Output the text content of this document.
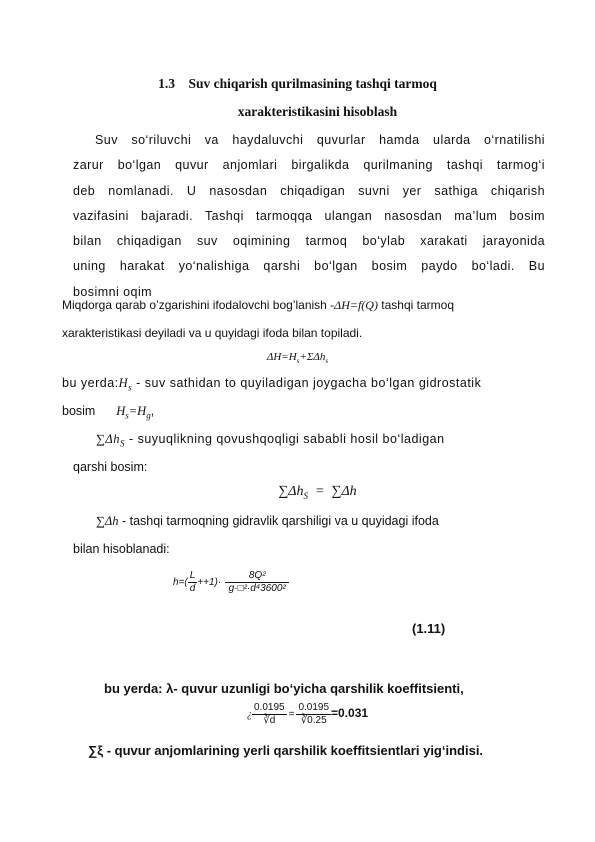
1.3 Suv chiqarish qurilmasining tashqi tarmoq
xarakteristikasini hisoblash
Suv so‘riluvchi va haydaluvchi quvurlar hamda ularda o‘rnatilishi
zarur bo‘lgan quvur anjomlari birgalikda qurilmaning tashqi tarmog‘i
deb nomlanadi. U nasosdan chiqadigan suvni yer sathiga chiqarish
vazifasini bajaradi. Tashqi tarmoqqa ulangan nasosdan ma’lum bosim
bilan chiqadigan suv oqimining tarmoq bo‘ylab xarakati jarayonida
uning harakat yo‘nalishiga qarshi bo‘lgan bosim paydo bo‘ladi. Bu
bosimni oqim
Miqdorga qarab o’zgarishini ifodalovchi bog’lanish -ΔH=f(Q) tashqi tarmoq
xarakteristikasi deyiladi va u quyidagi ifoda bilan topiladi.
$\Delta H=H_s+\Sigma\Delta h_s$
bu $yerda:H_s$ - suv sathidan to quyiladigan joygacha bo‘lgan gidrostatik
bosim $H_s=H_g$,
$\sum\Delta h_S$ - suyuqlikning qovushqoqligi sababli hosil bo‘ladigan
qarshi bosim:
$\sum\Delta h_S = \sum\Delta h$
∑Δh - tashqi tarmoqning gidravlik qarshiligi va u quyidagi ifoda
bilan hisoblanadi:
$h=( \frac{L}{d} ++1)\cdot \frac{\text{8Q²}}{\text{g·□²·d⁴3600²}}$
(1.11)
bu yerda: λ- quvur uzunligi bo‘yicha qarshilik koeffitsienti,
¿ $\frac{0.0195}{∛d} = \frac{0.0195}{∛0.25} =0.031$
∑ξ - quvur anjomlarining yerli qarshilik koeffitsientlari yig‘indisi.
